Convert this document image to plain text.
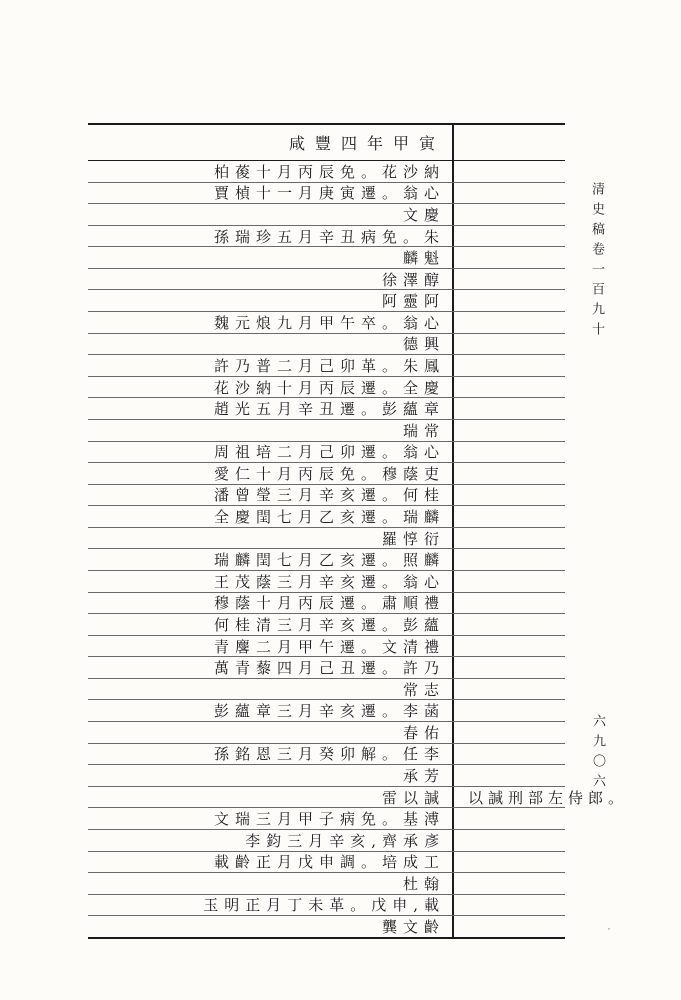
清史稿卷一百九十
六九〇六
′
咸豐四年甲寅
柏葰十月丙辰免。花沙納
賈楨十一月庚寅遷。翁心
文慶
孫瑞珍五月辛丑病免。朱
麟魁
徐澤醇
阿靈阿
魏元烺九月甲午卒。翁心
德興
許乃普二月己卯革。朱鳳
花沙納十月丙辰遷。全慶
趙光五月辛丑遷。彭蘊章
瑞常
周祖培二月己卯遷。翁心
愛仁十月丙辰免。穆蔭吏
潘曾瑩三月辛亥遷。何桂
全慶閏七月乙亥遷。瑞麟
羅惇衍
瑞麟閏七月乙亥遷。照麟
王茂蔭三月辛亥遷。翁心
穆蔭十月丙辰遷。肅順禮
何桂清三月辛亥遷。彭蘊
青麐二月甲午遷。文清禮
萬青藜四月己丑遷。許乃
常志
彭蘊章三月辛亥遷。李菡
春佑
孫銘恩三月癸卯解。任李
承芳
雷以諴	以諴刑部左侍郎。
文瑞三月甲子病免。基溥
李鈞三月辛亥,齊承彥
載齡正月戊申調。培成工
杜翰
玉明正月丁未革。戊申,載
龔文齡
